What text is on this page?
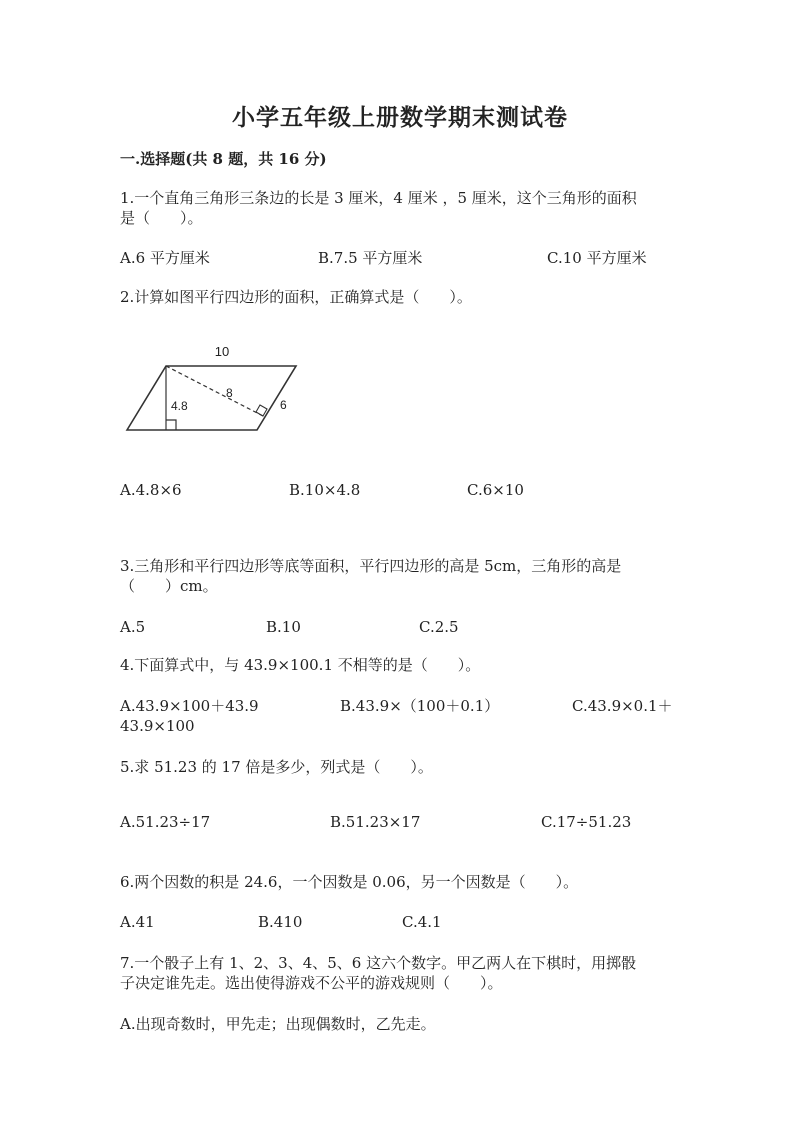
小学五年级上册数学期末测试卷
一.选择题(共 8 题，共 16 分)
1.一个直角三角形三条边的长是 3 厘米，4 厘米 ，5 厘米，这个三角形的面积
是（　　）。
A.6 平方厘米	B.7.5 平方厘米	C.10 平方厘米
2.计算如图平行四边形的面积，正确算式是（　　）。
10
4.8
8
6
A.4.8×6	B.10×4.8	C.6×10
3.三角形和平行四边形等底等面积，平行四边形的高是 5cm，三角形的高是
（　　）cm。
A.5	B.10	C.2.5
4.下面算式中，与 43.9×100.1 不相等的是（　　）。
A.43.9×100＋43.9	B.43.9×（100＋0.1）	C.43.9×0.1＋
43.9×100
5.求 51.23 的 17 倍是多少，列式是（　　）。
A.51.23÷17	B.51.23×17	C.17÷51.23
6.两个因数的积是 24.6，一个因数是 0.06，另一个因数是（　　）。
A.41	B.410	C.4.1
7.一个骰子上有 1、2、3、4、5、6 这六个数字。甲乙两人在下棋时，用掷骰
子决定谁先走。选出使得游戏不公平的游戏规则（　　）。
A.出现奇数时，甲先走；出现偶数时，乙先走。
